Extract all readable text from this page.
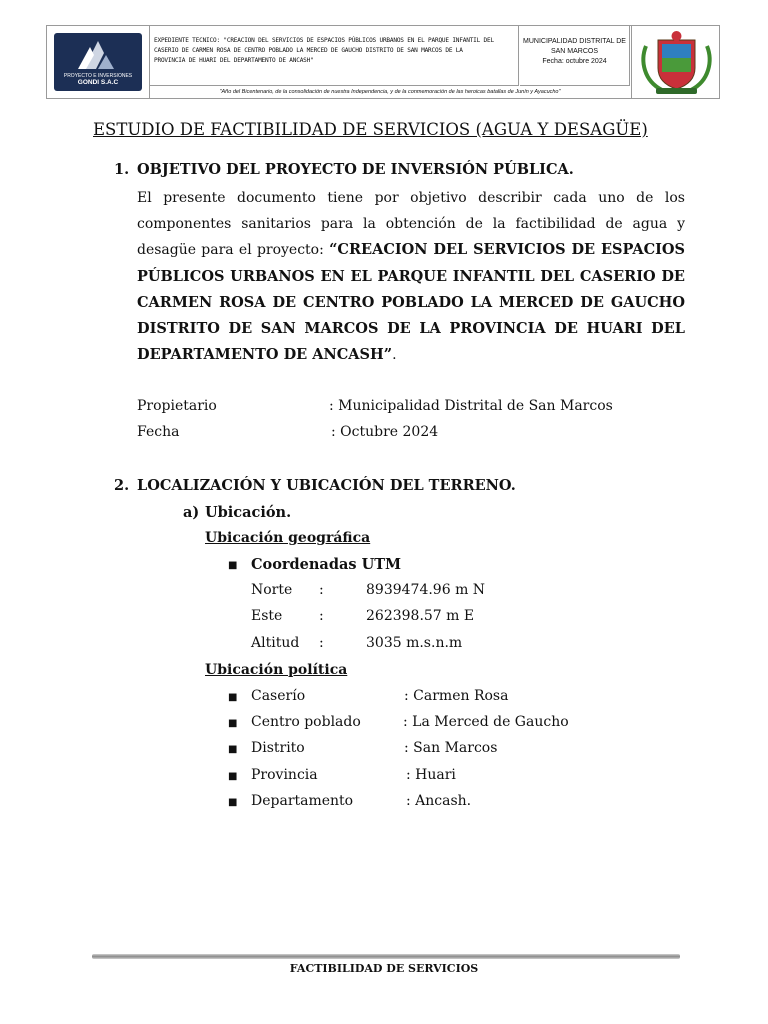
PROYECTO E INVERSIONES
GONDI S.A.C
EXPEDIENTE TECNICO: "CREACION DEL SERVICIOS DE ESPACIOS PÚBLICOS URBANOS EN EL PARQUE INFANTIL DEL
CASERIO DE CARMEN ROSA DE CENTRO POBLADO LA MERCED DE GAUCHO DISTRITO DE SAN MARCOS DE LA
PROVINCIA DE HUARI DEL DEPARTAMENTO DE ANCASH"
MUNICIPALIDAD DISTRITAL DE
SAN MARCOS
Fecha: octubre 2024
"Año del Bicentenario, de la consolidación de nuestra Independencia, y de la conmemoración de las heroicas batallas de Junín y Ayacucho"
ESTUDIO DE FACTIBILIDAD DE SERVICIOS (AGUA Y DESAGÜE)
1. OBJETIVO DEL PROYECTO DE INVERSIÓN PÚBLICA.
El presente documento tiene por objetivo describir cada uno de los componentes sanitarios para la obtención de la factibilidad de agua y desagüe para el proyecto: “CREACION DEL SERVICIOS DE ESPACIOS PÚBLICOS URBANOS EN EL PARQUE INFANTIL DEL CASERIO DE CARMEN ROSA DE CENTRO POBLADO LA MERCED DE GAUCHO DISTRITO DE SAN MARCOS DE LA PROVINCIA DE HUARI DEL DEPARTAMENTO DE ANCASH”.
Propietario	: Municipalidad Distrital de San Marcos
Fecha	: Octubre 2024
2. LOCALIZACIÓN Y UBICACIÓN DEL TERRENO.
a) Ubicación.
Ubicación geográfica
■ Coordenadas UTM
Norte :	8939474.96 m N
Este	:	262398.57 m E
Altitud :	3035 m.s.n.m
Ubicación política
■ Caserío	: Carmen Rosa
■ Centro poblado	: La Merced de Gaucho
■ Distrito	: San Marcos
■ Provincia	: Huari
■ Departamento	: Ancash.
FACTIBILIDAD DE SERVICIOS
